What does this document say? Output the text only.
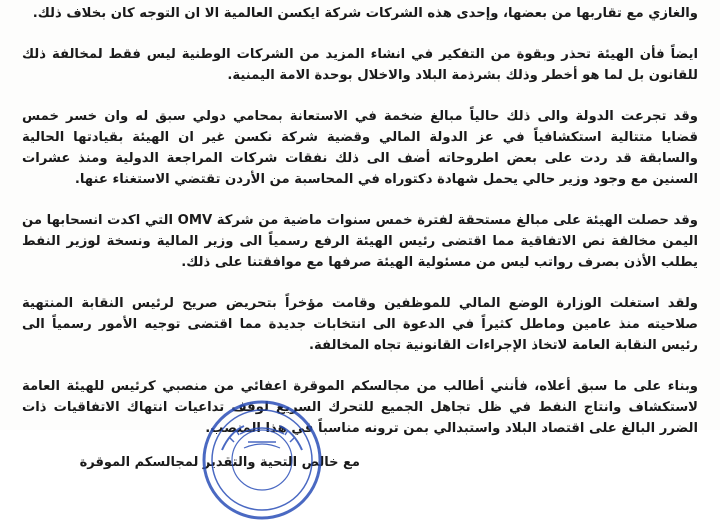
والغازي مع تقاربها من بعضها، وإحدى هذه الشركات شركة ايكسن العالمية الا ان التوجه كان بخلاف ذلك.

ايضاً فأن الهيئة تحذر وبقوة من التفكير في انشاء المزيد من الشركات الوطنية ليس فقط لمخالفة ذلك للقانون بل لما هو أخطر وذلك بشرذمة البلاد والاخلال بوحدة الامة اليمنية.

وقد تجرعت الدولة والى ذلك حالياً مبالغ ضخمة في الاستعانة بمحامي دولي سبق له وان خسر خمس قضايا متتالية استكشافياً في عز الدولة المالي وقضية شركة نكسن غير ان الهيئة بقيادتها الحالية والسابقة قد ردت على بعض اطروحاته أضف الى ذلك نفقات شركات المراجعة الدولية ومنذ عشرات السنين مع وجود وزير حالي يحمل شهادة دكتوراه في المحاسبة من الأردن تقتضي الاستغناء عنها.

وقد حصلت الهيئة على مبالغ مستحقة لفترة خمس سنوات ماضية من شركة OMV التي اكدت انسحابها من اليمن مخالفة نص الاتفاقية مما اقتضى رئيس الهيئة الرفع رسمياً الى وزير المالية ونسخة لوزير النفط يطلب الأذن بصرف رواتب ليس من مسئولية الهيئة صرفها مع موافقتنا على ذلك.

ولقد استغلت الوزارة الوضع المالي للموظفين وقامت مؤخراً بتحريض صريح لرئيس النقابة المنتهية صلاحيته منذ عامين وماطل كثيراً في الدعوة الى انتخابات جديدة مما اقتضى توجيه الأمور رسمياً الى رئيس النقابة العامة لاتخاذ الإجراءات القانونية تجاه المخالفة.

وبناء على ما سبق أعلاه، فأنني أطالب من مجالسكم الموقرة اعفائي من منصبي كرئيس للهيئة العامة لاستكشاف وانتاج النفط في ظل تجاهل الجميع للتحرك السريع لوقف تداعيات انتهاك الاتفاقيات ذات الضرر البالغ على اقتصاد البلاد واستبدالي بمن ترونه مناسباً في هذا المنصب.

مع خالص التحية والتقدير لمجالسكم الموقرة
